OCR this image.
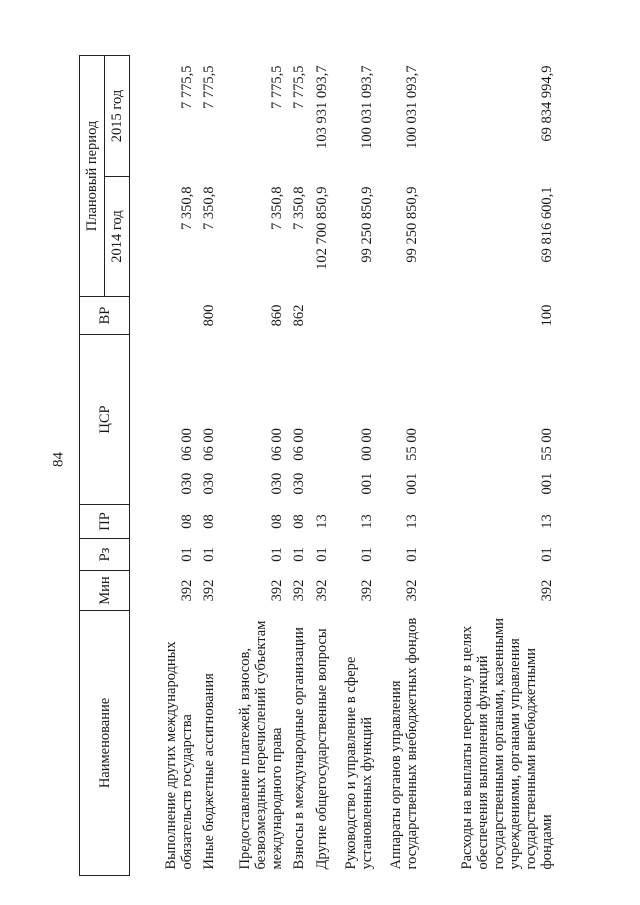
84
Наименование	Мин	Рз	ПР	ЦСР	ВР	Плановый период	
						2014 год	2015 год
Выполнение других международных обязательств государства	392	01	08	03006 00		7 350,8	7 775,5
Иные бюджетные ассигнования	392	01	08	03006 00	800	7 350,8	7 775,5
Предоставление платежей, взносов, безвозмездных перечислений субъектам международного права	392	01	08	03006 00	860	7 350,8	7 775,5
Взносы в международные организации	392	01	08	03006 00	862	7 350,8	7 775,5
Другие общегосударственные вопросы	392	01	13			102 700 850,9	103 931 093,7
Руководство и управление в сфере установленных функций	392	01	13	00100 00		99 250 850,9	100 031 093,7
Аппараты органов управления государственных внебюджетных фондов	392	01	13	00155 00		99 250 850,9	100 031 093,7
Расходы на выплаты персоналу в целях обеспечения выполнения функций государственными органами, казенными учреждениями, органами управления государственными внебюджетными фондами	392	01	13	00155 00	100	69 816 600,1	69 834 994,9
